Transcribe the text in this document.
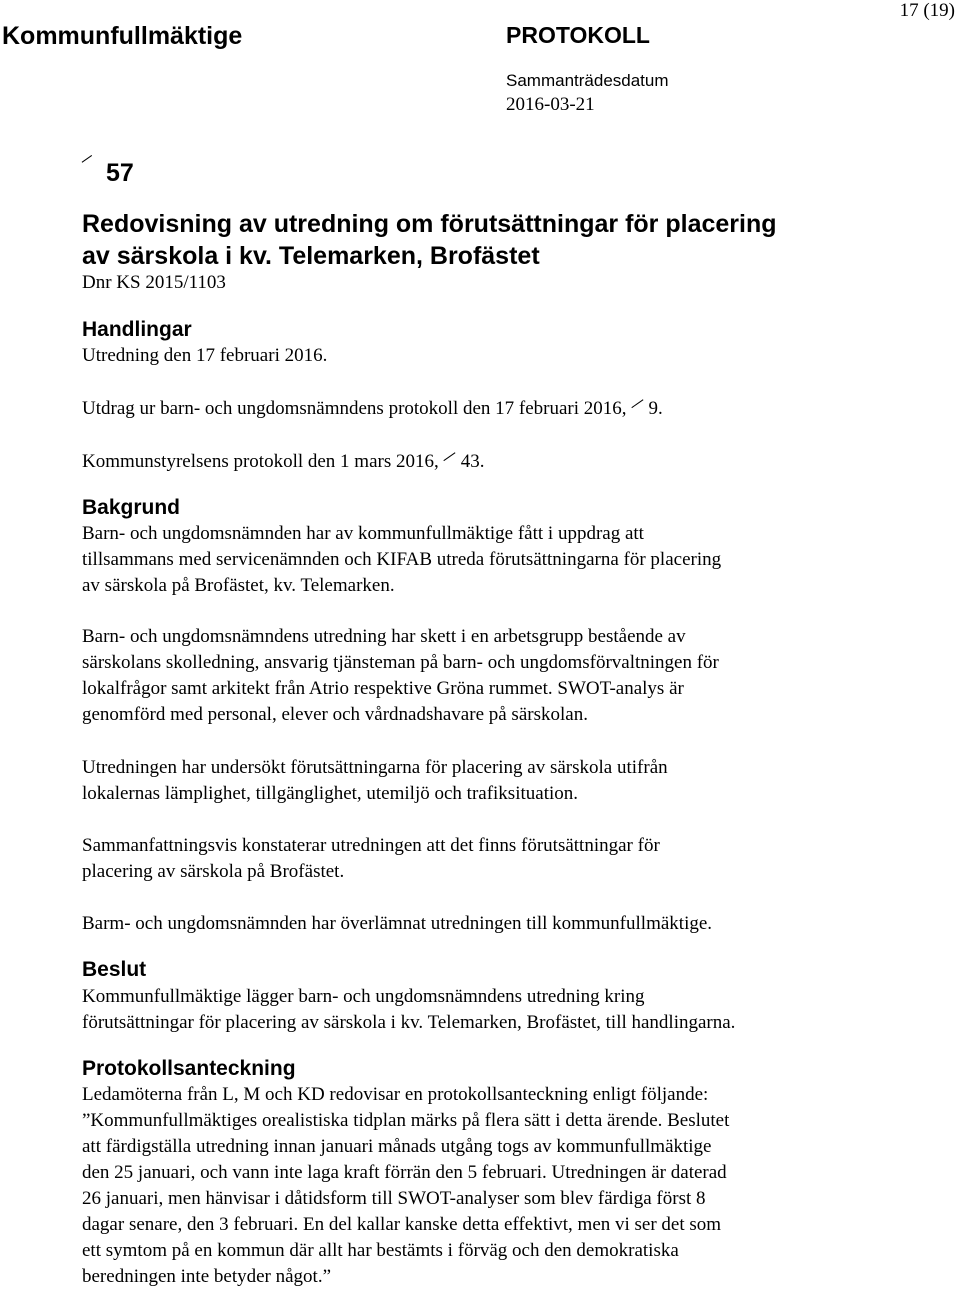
Kommunfullmäktige	PROTOKOLL
Sammanträdesdatum
2016-03-21
17 (19)
57
Redovisning av utredning om förutsättningar för placering
av särskola i kv. Telemarken, Brofästet
Dnr KS 2015/1103
Handlingar
Utredning den 17 februari 2016.
Utdrag ur barn- och ungdomsnämndens protokoll den 17 februari 2016, 9.
Kommunstyrelsens protokoll den 1 mars 2016, 43.
Bakgrund
Barn- och ungdomsnämnden har av kommunfullmäktige fått i uppdrag att
tillsammans med servicenämnden och KIFAB utreda förutsättningarna för placering
av särskola på Brofästet, kv. Telemarken.
Barn- och ungdomsnämndens utredning har skett i en arbetsgrupp bestående av
särskolans skolledning, ansvarig tjänsteman på barn- och ungdomsförvaltningen för
lokalfrågor samt arkitekt från Atrio respektive Gröna rummet. SWOT-analys är
genomförd med personal, elever och vårdnadshavare på särskolan.
Utredningen har undersökt förutsättningarna för placering av särskola utifrån
lokalernas lämplighet, tillgänglighet, utemiljö och trafiksituation.
Sammanfattningsvis konstaterar utredningen att det finns förutsättningar för
placering av särskola på Brofästet.
Barm- och ungdomsnämnden har överlämnat utredningen till kommunfullmäktige.
Beslut
Kommunfullmäktige lägger barn- och ungdomsnämndens utredning kring
förutsättningar för placering av särskola i kv. Telemarken, Brofästet, till handlingarna.
Protokollsanteckning
Ledamöterna från L, M och KD redovisar en protokollsanteckning enligt följande:
”Kommunfullmäktiges orealistiska tidplan märks på flera sätt i detta ärende. Beslutet
att färdigställa utredning innan januari månads utgång togs av kommunfullmäktige
den 25 januari, och vann inte laga kraft förrän den 5 februari. Utredningen är daterad
26 januari, men hänvisar i dåtidsform till SWOT-analyser som blev färdiga först 8
dagar senare, den 3 februari. En del kallar kanske detta effektivt, men vi ser det som
ett symtom på en kommun där allt har bestämts i förväg och den demokratiska
beredningen inte betyder något.”
